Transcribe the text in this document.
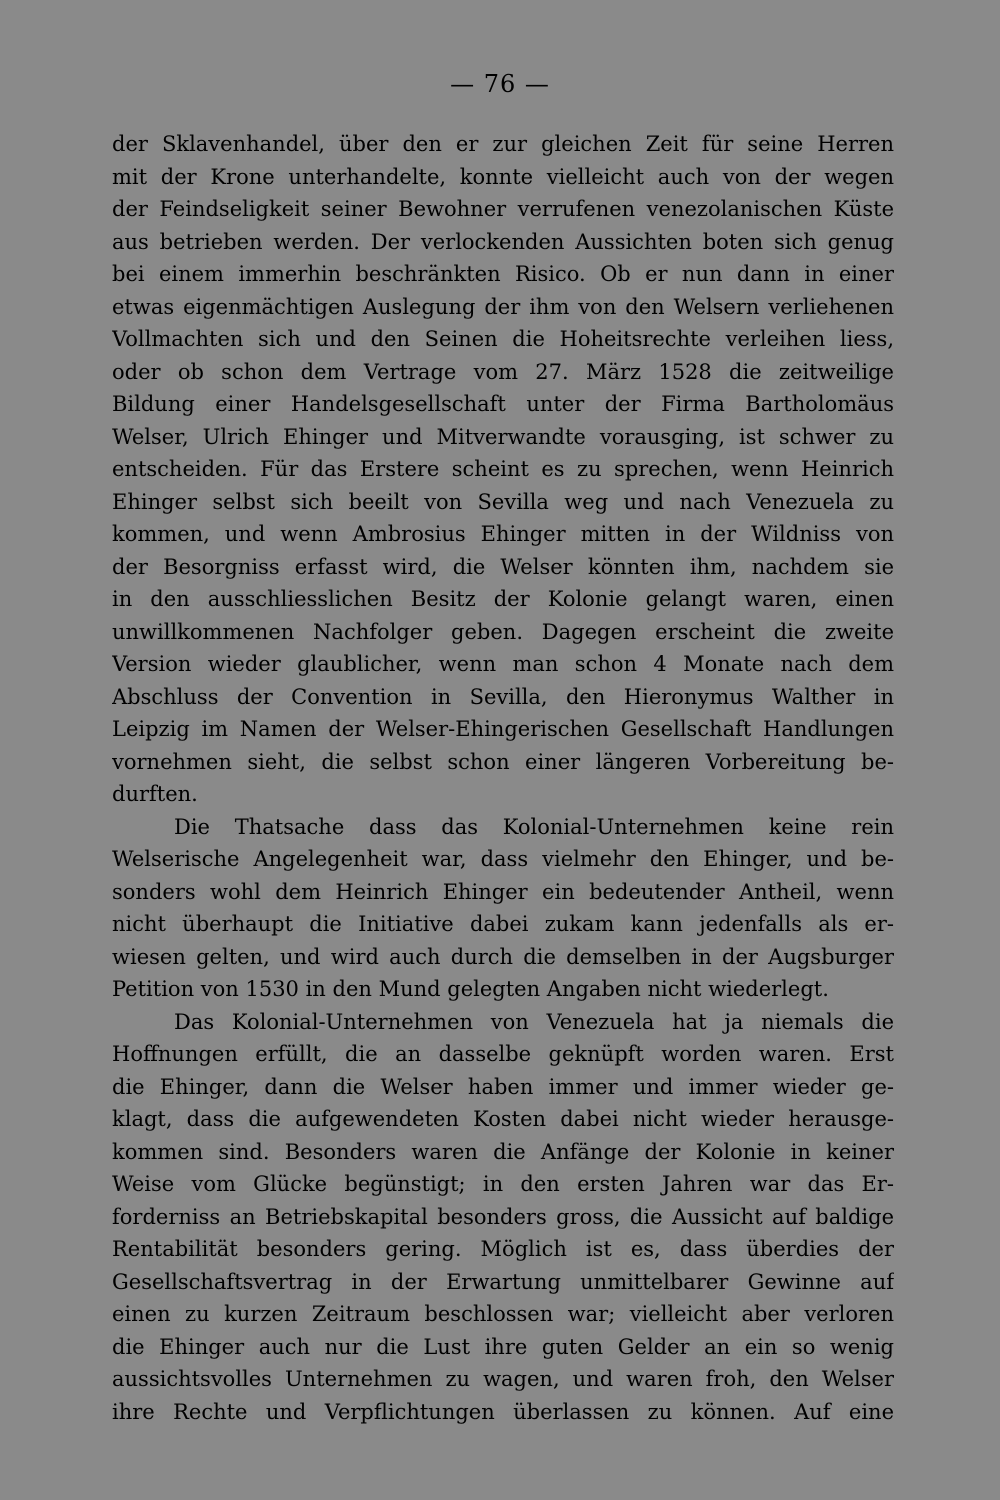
— 76 —
der Sklavenhandel, über den er zur gleichen Zeit für seine Herren
mit der Krone unterhandelte, konnte vielleicht auch von der wegen
der Feindseligkeit seiner Bewohner verrufenen venezolanischen Küste
aus betrieben werden. Der verlockenden Aussichten boten sich genug
bei einem immerhin beschränkten Risico. Ob er nun dann in einer
etwas eigenmächtigen Auslegung der ihm von den Welsern verliehenen
Vollmachten sich und den Seinen die Hoheitsrechte verleihen liess,
oder ob schon dem Vertrage vom 27. März 1528 die zeitweilige
Bildung einer Handelsgesellschaft unter der Firma Bartholomäus
Welser, Ulrich Ehinger und Mitverwandte vorausging, ist schwer zu
entscheiden. Für das Erstere scheint es zu sprechen, wenn Heinrich
Ehinger selbst sich beeilt von Sevilla weg und nach Venezuela zu
kommen, und wenn Ambrosius Ehinger mitten in der Wildniss von
der Besorgniss erfasst wird, die Welser könnten ihm, nachdem sie
in den ausschliesslichen Besitz der Kolonie gelangt waren, einen
unwillkommenen Nachfolger geben. Dagegen erscheint die zweite
Version wieder glaublicher, wenn man schon 4 Monate nach dem
Abschluss der Convention in Sevilla, den Hieronymus Walther in
Leipzig im Namen der Welser-Ehingerischen Gesellschaft Handlungen
vornehmen sieht, die selbst schon einer längeren Vorbereitung be-
durften.
Die Thatsache dass das Kolonial-Unternehmen keine rein
Welserische Angelegenheit war, dass vielmehr den Ehinger, und be-
sonders wohl dem Heinrich Ehinger ein bedeutender Antheil, wenn
nicht überhaupt die Initiative dabei zukam kann jedenfalls als er-
wiesen gelten, und wird auch durch die demselben in der Augsburger
Petition von 1530 in den Mund gelegten Angaben nicht wiederlegt.
Das Kolonial-Unternehmen von Venezuela hat ja niemals die
Hoffnungen erfüllt, die an dasselbe geknüpft worden waren. Erst
die Ehinger, dann die Welser haben immer und immer wieder ge-
klagt, dass die aufgewendeten Kosten dabei nicht wieder herausge-
kommen sind. Besonders waren die Anfänge der Kolonie in keiner
Weise vom Glücke begünstigt; in den ersten Jahren war das Er-
forderniss an Betriebskapital besonders gross, die Aussicht auf baldige
Rentabilität besonders gering. Möglich ist es, dass überdies der
Gesellschaftsvertrag in der Erwartung unmittelbarer Gewinne auf
einen zu kurzen Zeitraum beschlossen war; vielleicht aber verloren
die Ehinger auch nur die Lust ihre guten Gelder an ein so wenig
aussichtsvolles Unternehmen zu wagen, und waren froh, den Welser
ihre Rechte und Verpflichtungen überlassen zu können. Auf eine
